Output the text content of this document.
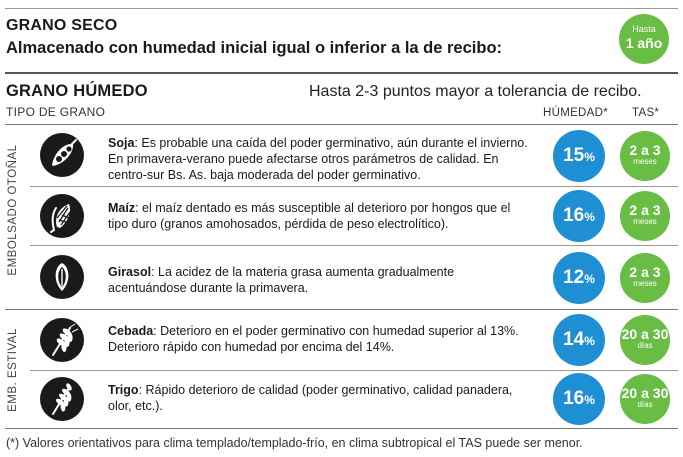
GRANO SECO
Almacenado con humedad inicial igual o inferior a la de recibo:
Hasta
1 año
GRANO HÚMEDO	Hasta 2-3 puntos mayor a tolerancia de recibo.
TIPO DE GRANO	HÚMEDAD* TAS*
EMBOLSADO OTOÑAL
EMB. ESTIVAL
Soja: Es probable una caída del poder germinativo, aún durante el invierno. En primavera-verano puede afectarse otros parámetros de calidad. En centro-sur Bs. As. baja moderada del poder germinativo.
15%	2 a 3
meses
Maíz: el maíz dentado es más susceptible al deterioro por hongos que el tipo duro (granos amohosados, pérdida de peso electrolítico).	16%	2 a 3
meses
Girasol: La acidez de la materia grasa aumenta gradualmente acentuándose durante la primavera.	12%	2 a 3
meses
Cebada: Deterioro en el poder germinativo con humedad superior al 13%. Deterioro rápido con humedad por encima del 14%.	14%	20 a 30
días
Trigo: Rápido deterioro de calidad (poder germinativo, calidad panadera, olor, etc.).	16%	20 a 30
días
(*) Valores orientativos para clima templado/templado-frío, en clima subtropical el TAS puede ser menor.
